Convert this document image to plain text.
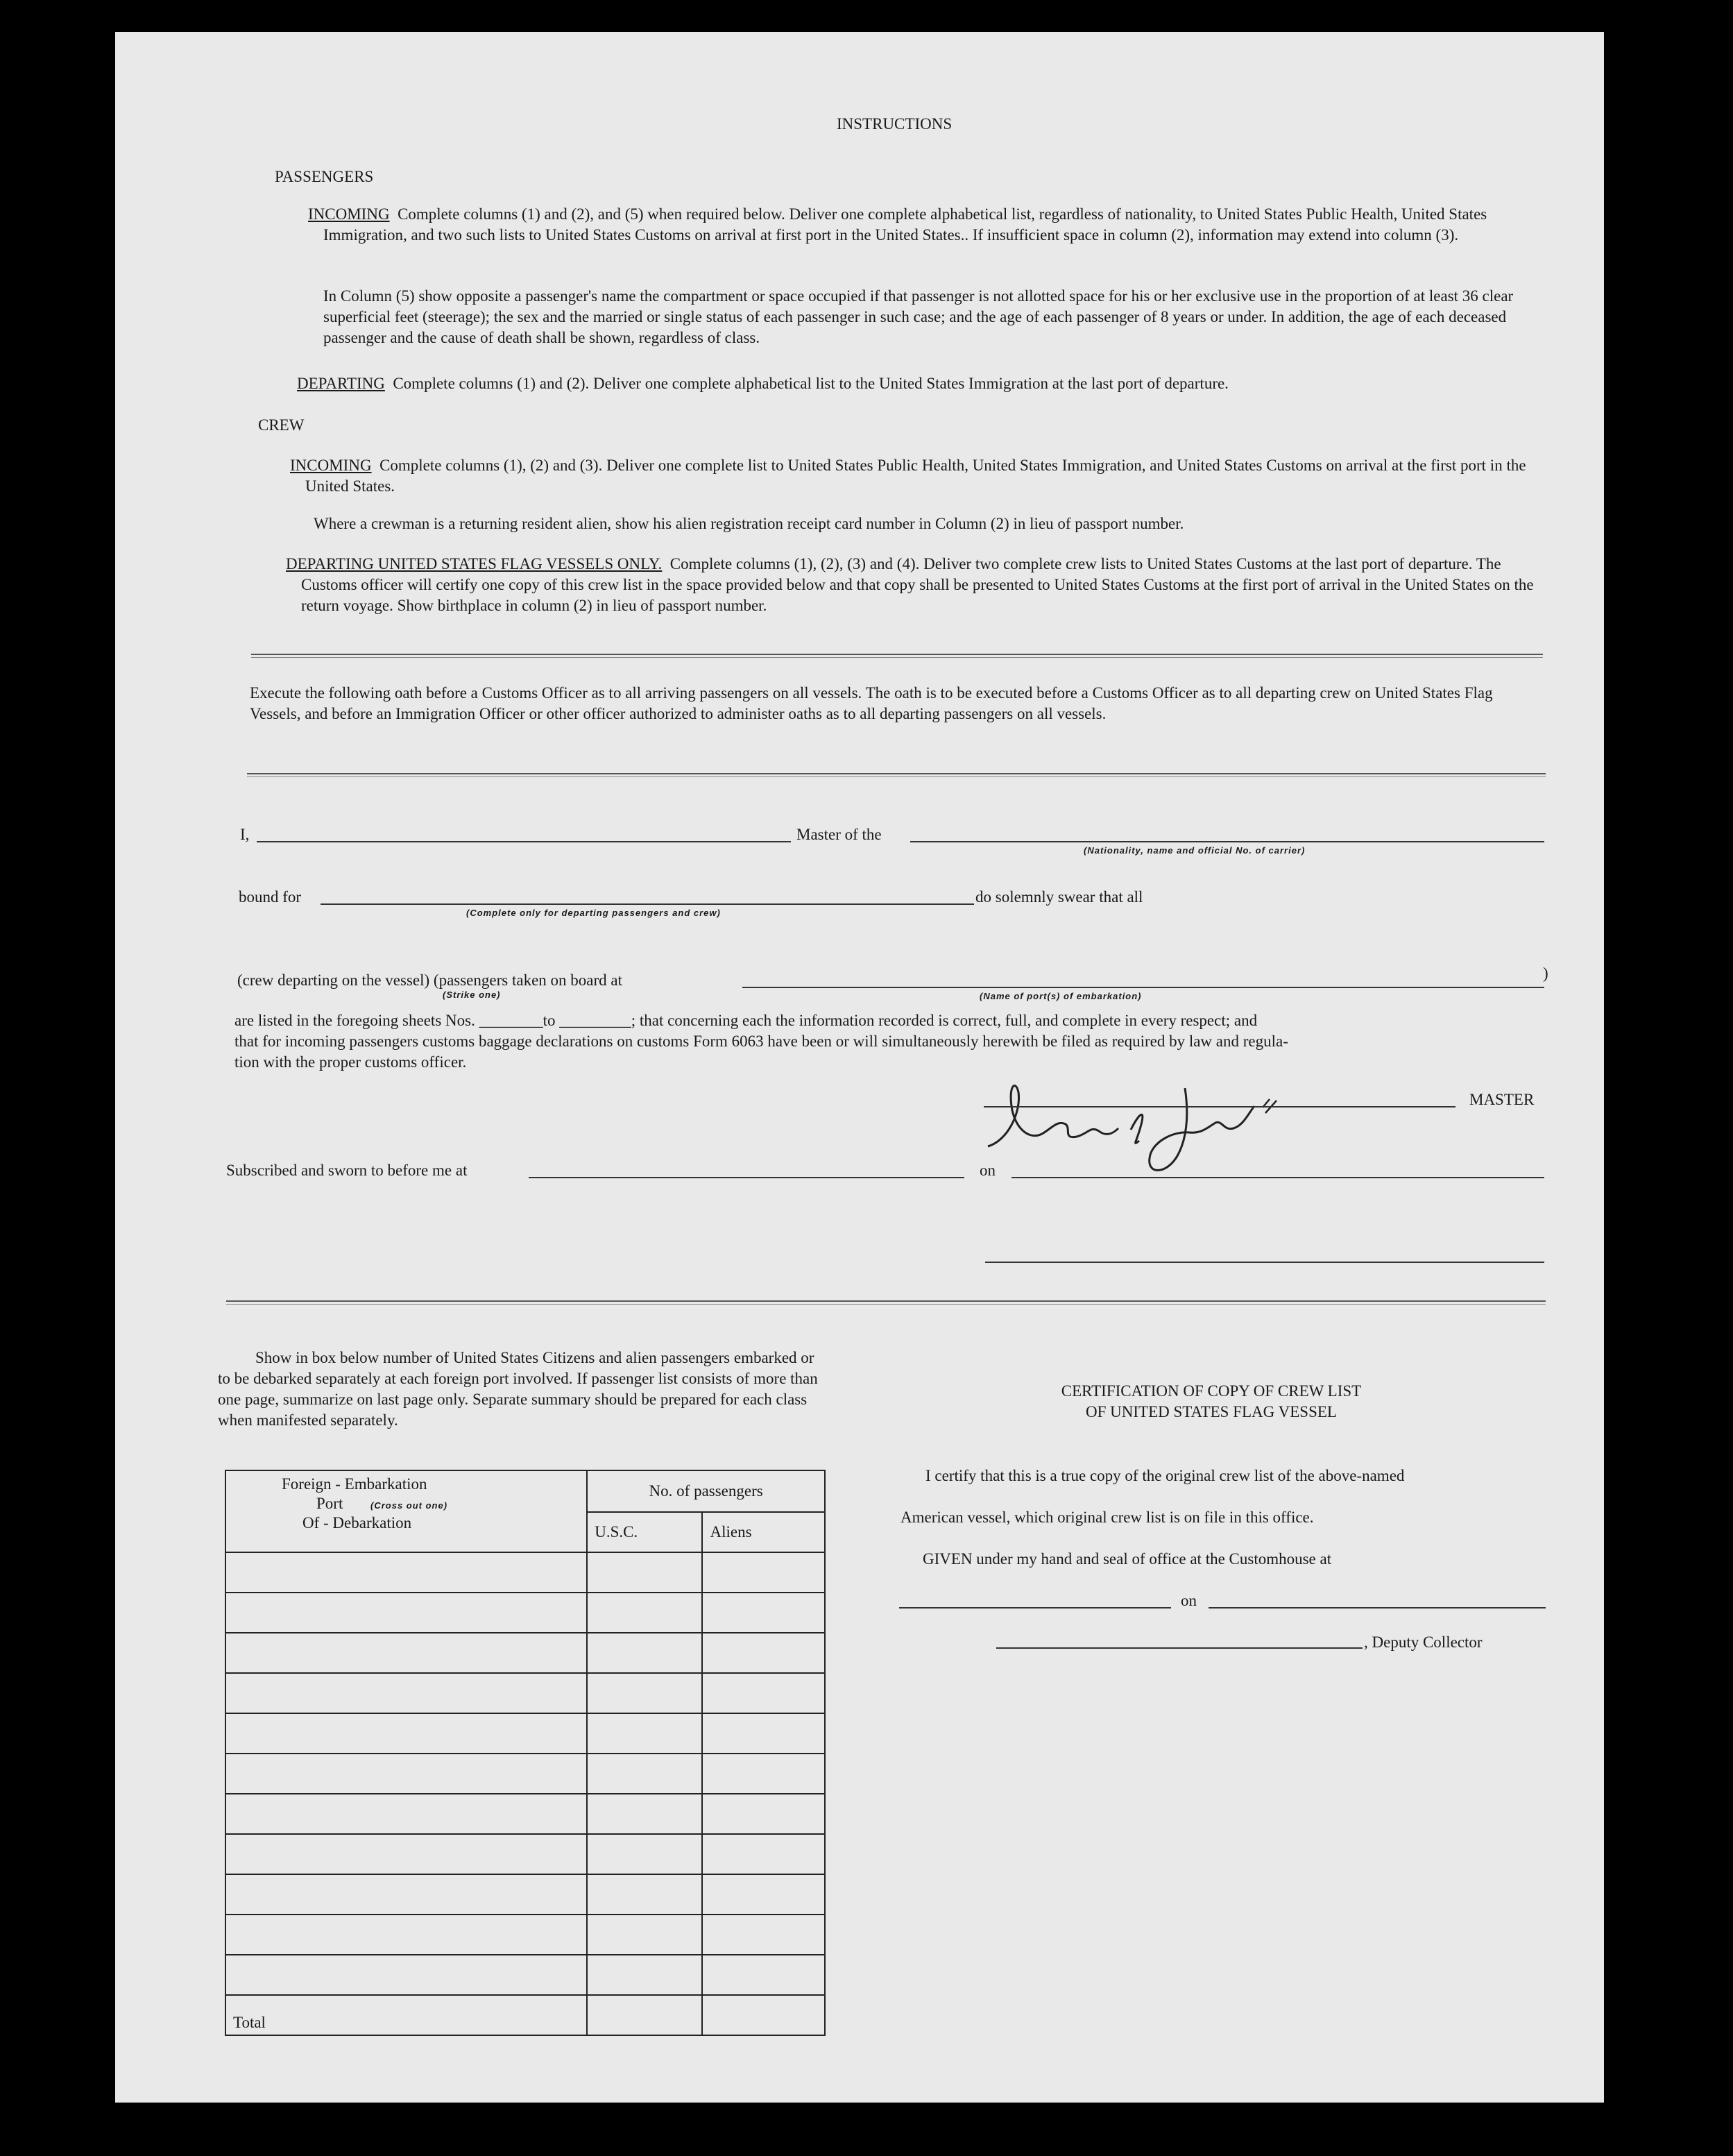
INSTRUCTIONS
PASSENGERS
INCOMING Complete columns (1) and (2), and (5) when required below. Deliver one complete alphabetical list, regardless of nationality, to United States Public Health, United States Immigration, and two such lists to United States Customs on arrival at first port in the United States.. If insufficient space in column (2), information may extend into column (3).
In Column (5) show opposite a passenger's name the compartment or space occupied if that passenger is not allotted space for his or her exclusive use in the proportion of at least 36 clear superficial feet (steerage); the sex and the married or single status of each passenger in such case; and the age of each passenger of 8 years or under. In addition, the age of each deceased passenger and the cause of death shall be shown, regardless of class.
DEPARTING Complete columns (1) and (2). Deliver one complete alphabetical list to the United States Immigration at the last port of departure.
CREW
INCOMING Complete columns (1), (2) and (3). Deliver one complete list to United States Public Health, United States Immigration, and United States Customs on arrival at the first port in the United States.
Where a crewman is a returning resident alien, show his alien registration receipt card number in Column (2) in lieu of passport number.
DEPARTING UNITED STATES FLAG VESSELS ONLY. Complete columns (1), (2), (3) and (4). Deliver two complete crew lists to United States Customs at the last port of departure. The Customs officer will certify one copy of this crew list in the space provided below and that copy shall be presented to United States Customs at the first port of arrival in the United States on the return voyage. Show birthplace in column (2) in lieu of passport number.
Execute the following oath before a Customs Officer as to all arriving passengers on all vessels. The oath is to be executed before a Customs Officer as to all departing crew on United States Flag Vessels, and before an Immigration Officer or other officer authorized to administer oaths as to all departing passengers on all vessels.
I,	Master of the
(Nationality, name and official No. of carrier)
bound for	do solemnly swear that all
(Complete only for departing passengers and crew)
(crew departing on the vessel) (passengers taken on board at	)
(Strike one)	(Name of port(s) of embarkation)
are listed in the foregoing sheets Nos. ________to _________; that concerning each the information recorded is correct, full, and complete in every respect; and
that for incoming passengers customs baggage declarations on customs Form 6063 have been or will simultaneously herewith be filed as required by law and regula-
tion with the proper customs officer.
MASTER
Subscribed and sworn to before me at	on
Show in box below number of United States Citizens and alien passengers embarked or to be debarked separately at each foreign port involved. If passenger list consists of more than one page, summarize on last page only. Separate summary should be prepared for each class when manifested separately.
Foreign - Embarkation
Port (Cross out one)
Of - Debarkation	No. of passengers	
	U.S.C.	Aliens

Total		
CERTIFICATION OF COPY OF CREW LIST
OF UNITED STATES FLAG VESSEL
I certify that this is a true copy of the original crew list of the above-named
American vessel, which original crew list is on file in this office.
GIVEN under my hand and seal of office at the Customhouse at
on
, Deputy Collector
